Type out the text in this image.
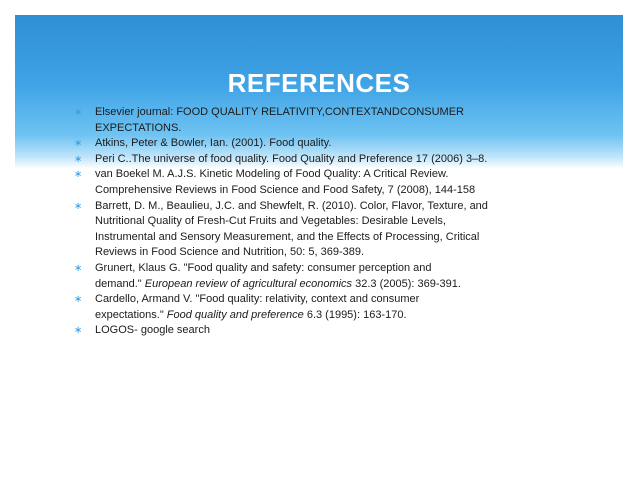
REFERENCES
∗ Elsevier journal: FOOD QUALITY RELATIVITY,CONTEXTANDCONSUMER
EXPECTATIONS.
∗ Atkins, Peter & Bowler, Ian. (2001). Food quality.
∗ Peri C..The universe of food quality. Food Quality and Preference 17 (2006) 3–8.
∗ van Boekel M. A.J.S. Kinetic Modeling of Food Quality: A Critical Review.
Comprehensive Reviews in Food Science and Food Safety, 7 (2008), 144-158
∗ Barrett, D. M., Beaulieu, J.C. and Shewfelt, R. (2010). Color, Flavor, Texture, and
Nutritional Quality of Fresh-Cut Fruits and Vegetables: Desirable Levels,
Instrumental and Sensory Measurement, and the Effects of Processing, Critical
Reviews in Food Science and Nutrition, 50: 5, 369-389.
∗ Grunert, Klaus G. "Food quality and safety: consumer perception and
demand." European review of agricultural economics 32.3 (2005): 369-391.
∗ Cardello, Armand V. "Food quality: relativity, context and consumer
expectations." Food quality and preference 6.3 (1995): 163-170.
∗ LOGOS- google search
